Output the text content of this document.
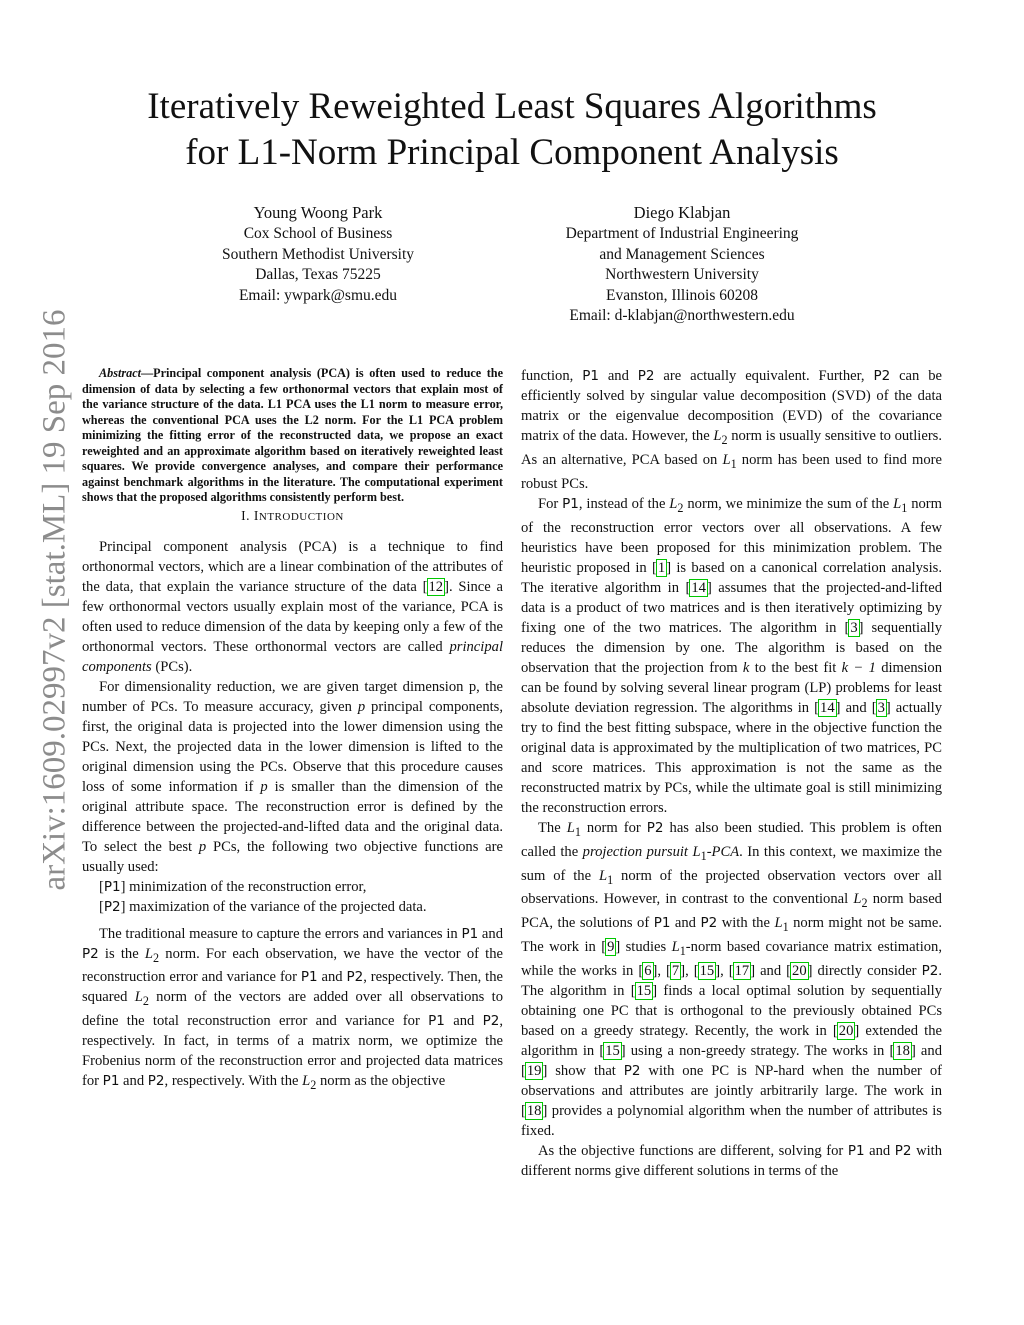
Iteratively Reweighted Least Squares Algorithms
for L1-Norm Principal Component Analysis
Young Woong Park
Cox School of Business
Southern Methodist University
Dallas, Texas 75225
Email: ywpark@smu.edu
Diego Klabjan
Department of Industrial Engineering
and Management Sciences
Northwestern University
Evanston, Illinois 60208
Email: d-klabjan@northwestern.edu
arXiv:1609.02997v2 [stat.ML] 19 Sep 2016	Abstract—Principal component analysis (PCA) is often used to reduce the dimension of data by selecting a few orthonormal vectors that explain most of the variance structure of the data. L1 PCA uses the L1 norm to measure error, whereas the conventional PCA uses the L2 norm. For the L1 PCA problem minimizing the fitting error of the reconstructed data, we propose an exact reweighted and an approximate algorithm based on iteratively reweighted least squares. We provide convergence analyses, and compare their performance against benchmark algorithms in the literature. The computational experiment shows that the proposed algorithms consistently perform best.

I. INTRODUCTION

Principal component analysis (PCA) is a technique to find orthonormal vectors, which are a linear combination of the attributes of the data, that explain the variance structure of the data [12]. Since a few orthonormal vectors usually explain most of the variance, PCA is often used to reduce dimension of the data by keeping only a few of the orthonormal vectors. These orthonormal vectors are called principal components (PCs).

For dimensionality reduction, we are given target dimension p, the number of PCs. To measure accuracy, given p principal components, first, the original data is projected into the lower dimension using the PCs. Next, the projected data in the lower dimension is lifted to the original dimension using the PCs. Observe that this procedure causes loss of some information if p is smaller than the dimension of the original attribute space. The reconstruction error is defined by the difference between the projected-and-lifted data and the original data. To select the best p PCs, the following two objective functions are usually used:

[P1] minimization of the reconstruction error,

[P2] maximization of the variance of the projected data.

The traditional measure to capture the errors and variances in P1 and P2 is the $L_2$ norm. For each observation, we have the vector of the reconstruction error and variance for P1 and P2, respectively. Then, the squared $L_2$ norm of the vectors are added over all observations to define the total reconstruction error and variance for P1 and P2, respectively. In fact, in terms of a matrix norm, we optimize the Frobenius norm of the reconstruction error and projected data matrices for P1 and P2, respectively. With the $L_2$ norm as the objective

function, P1 and P2 are actually equivalent. Further, P2 can be efficiently solved by singular value decomposition (SVD) of the data matrix or the eigenvalue decomposition (EVD) of the covariance matrix of the data. However, the $L_2$ norm is usually sensitive to outliers. As an alternative, PCA based on $L_1$ norm has been used to find more robust PCs.

For P1, instead of the $L_2$ norm, we minimize the sum of the $L_1$ norm of the reconstruction error vectors over all observations. A few heuristics have been proposed for this minimization problem. The heuristic proposed in [1] is based on a canonical correlation analysis. The iterative algorithm in [14] assumes that the projected-and-lifted data is a product of two matrices and is then iteratively optimizing by fixing one of the two matrices. The algorithm in [3] sequentially reduces the dimension by one. The algorithm is based on the observation that the projection from k to the best fit k − 1 dimension can be found by solving several linear program (LP) problems for least absolute deviation regression. The algorithms in [14] and [3] actually try to find the best fitting subspace, where in the objective function the original data is approximated by the multiplication of two matrices, PC and score matrices. This approximation is not the same as the reconstructed matrix by PCs, while the ultimate goal is still minimizing the reconstruction errors.

The $L_1$ norm for P2 has also been studied. This problem is often called the projection pursuit $L_1$-PCA. In this context, we maximize the sum of the $L_1$ norm of the projected observation vectors over all observations. However, in contrast to the conventional $L_2$ norm based PCA, the solutions of P1 and P2 with the $L_1$ norm might not be same. The work in [9] studies $L_1$-norm based covariance matrix estimation, while the works in [6], [7], [15], [17] and [20] directly consider P2. The algorithm in [15] finds a local optimal solution by sequentially obtaining one PC that is orthogonal to the previously obtained PCs based on a greedy strategy. Recently, the work in [20] extended the algorithm in [15] using a non-greedy strategy. The works in [18] and [19] show that P2 with one PC is NP-hard when the number of observations and attributes are jointly arbitrarily large. The work in [18] provides a polynomial algorithm when the number of attributes is fixed.

As the objective functions are different, solving for P1 and P2 with different norms give different solutions in terms of the
